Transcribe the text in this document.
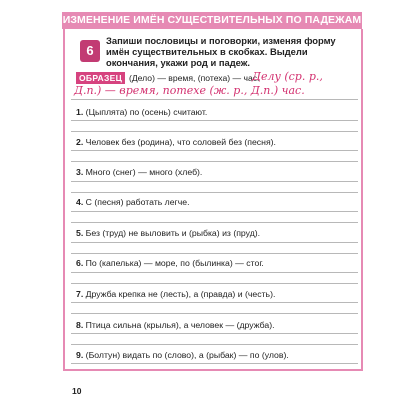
ИЗМЕНЕНИЕ ИМЁН СУЩЕСТВИТЕЛЬНЫХ ПО ПАДЕЖАМ
6
Запиши пословицы и поговорки, изменяя форму имён существительных в скобках. Выдели окончания, укажи род и падеж.
ОБРАЗЕЦ (Дело) — время, (потеха) — час.
Делу (ср. р.,
Д.п.) — время, потехе (ж. р., Д.п.) час.
1. (Цыплята) по (осень) считают.
2. Человек без (родина), что соловей без (песня).
3. Много (снег) — много (хлеб).
4. С (песня) работать легче.
5. Без (труд) не выловить и (рыбка) из (пруд).
6. По (капелька) — море, по (былинка) — стог.
7. Дружба крепка не (лесть), а (правда) и (честь).
8. Птица сильна (крылья), а человек — (дружба).
9. (Болтун) видать по (слово), а (рыбак) — по (улов).
10
